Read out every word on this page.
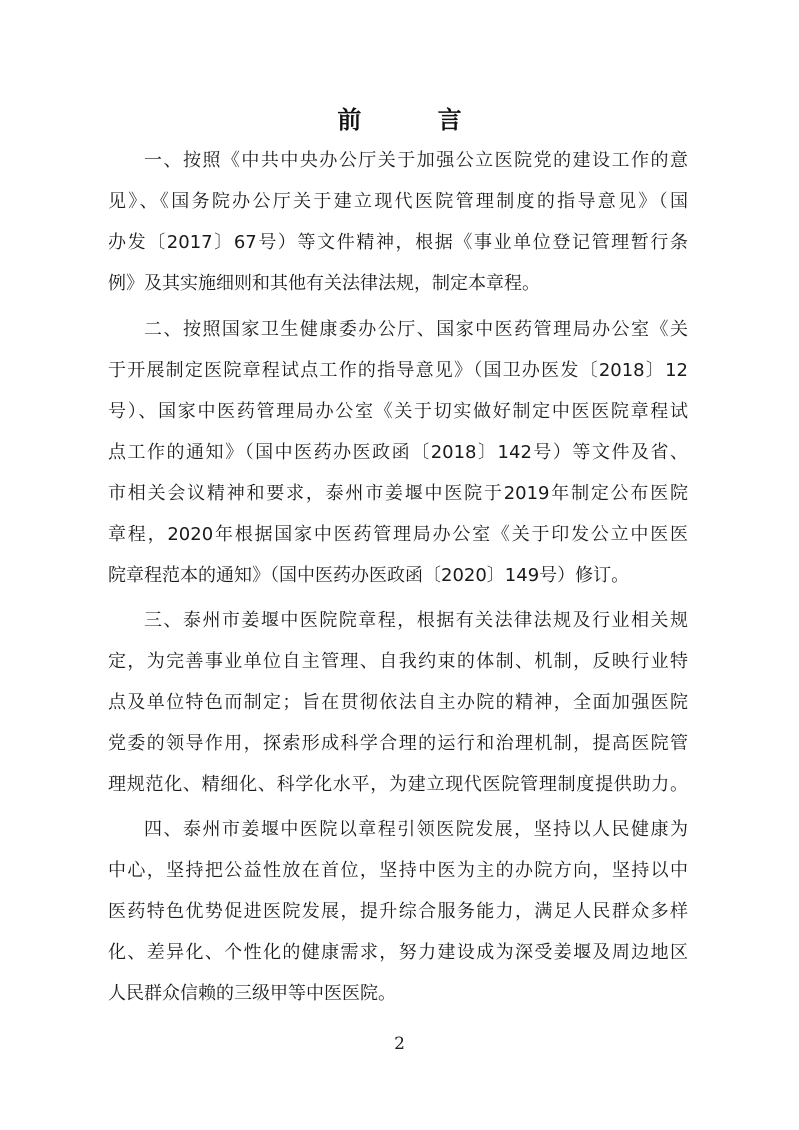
前 言
一、按照《中共中央办公厅关于加强公立医院党的建设工作的意
见》、《国务院办公厅关于建立现代医院管理制度的指导意见》（国
办发〔2017〕67号）等文件精神，根据《事业单位登记管理暂行条
例》及其实施细则和其他有关法律法规，制定本章程。
二、按照国家卫生健康委办公厅、国家中医药管理局办公室《关
于开展制定医院章程试点工作的指导意见》（国卫办医发〔2018〕12
号）、国家中医药管理局办公室《关于切实做好制定中医医院章程试
点工作的通知》（国中医药办医政函〔2018〕142号）等文件及省、
市相关会议精神和要求，泰州市姜堰中医院于2019年制定公布医院
章程，2020年根据国家中医药管理局办公室《关于印发公立中医医
院章程范本的通知》（国中医药办医政函〔2020〕149号）修订。
三、泰州市姜堰中医院院章程，根据有关法律法规及行业相关规
定，为完善事业单位自主管理、自我约束的体制、机制，反映行业特
点及单位特色而制定；旨在贯彻依法自主办院的精神，全面加强医院
党委的领导作用，探索形成科学合理的运行和治理机制，提高医院管
理规范化、精细化、科学化水平，为建立现代医院管理制度提供助力。
四、泰州市姜堰中医院以章程引领医院发展，坚持以人民健康为
中心，坚持把公益性放在首位，坚持中医为主的办院方向，坚持以中
医药特色优势促进医院发展，提升综合服务能力，满足人民群众多样
化、差异化、个性化的健康需求，努力建设成为深受姜堰及周边地区
人民群众信赖的三级甲等中医医院。
2
